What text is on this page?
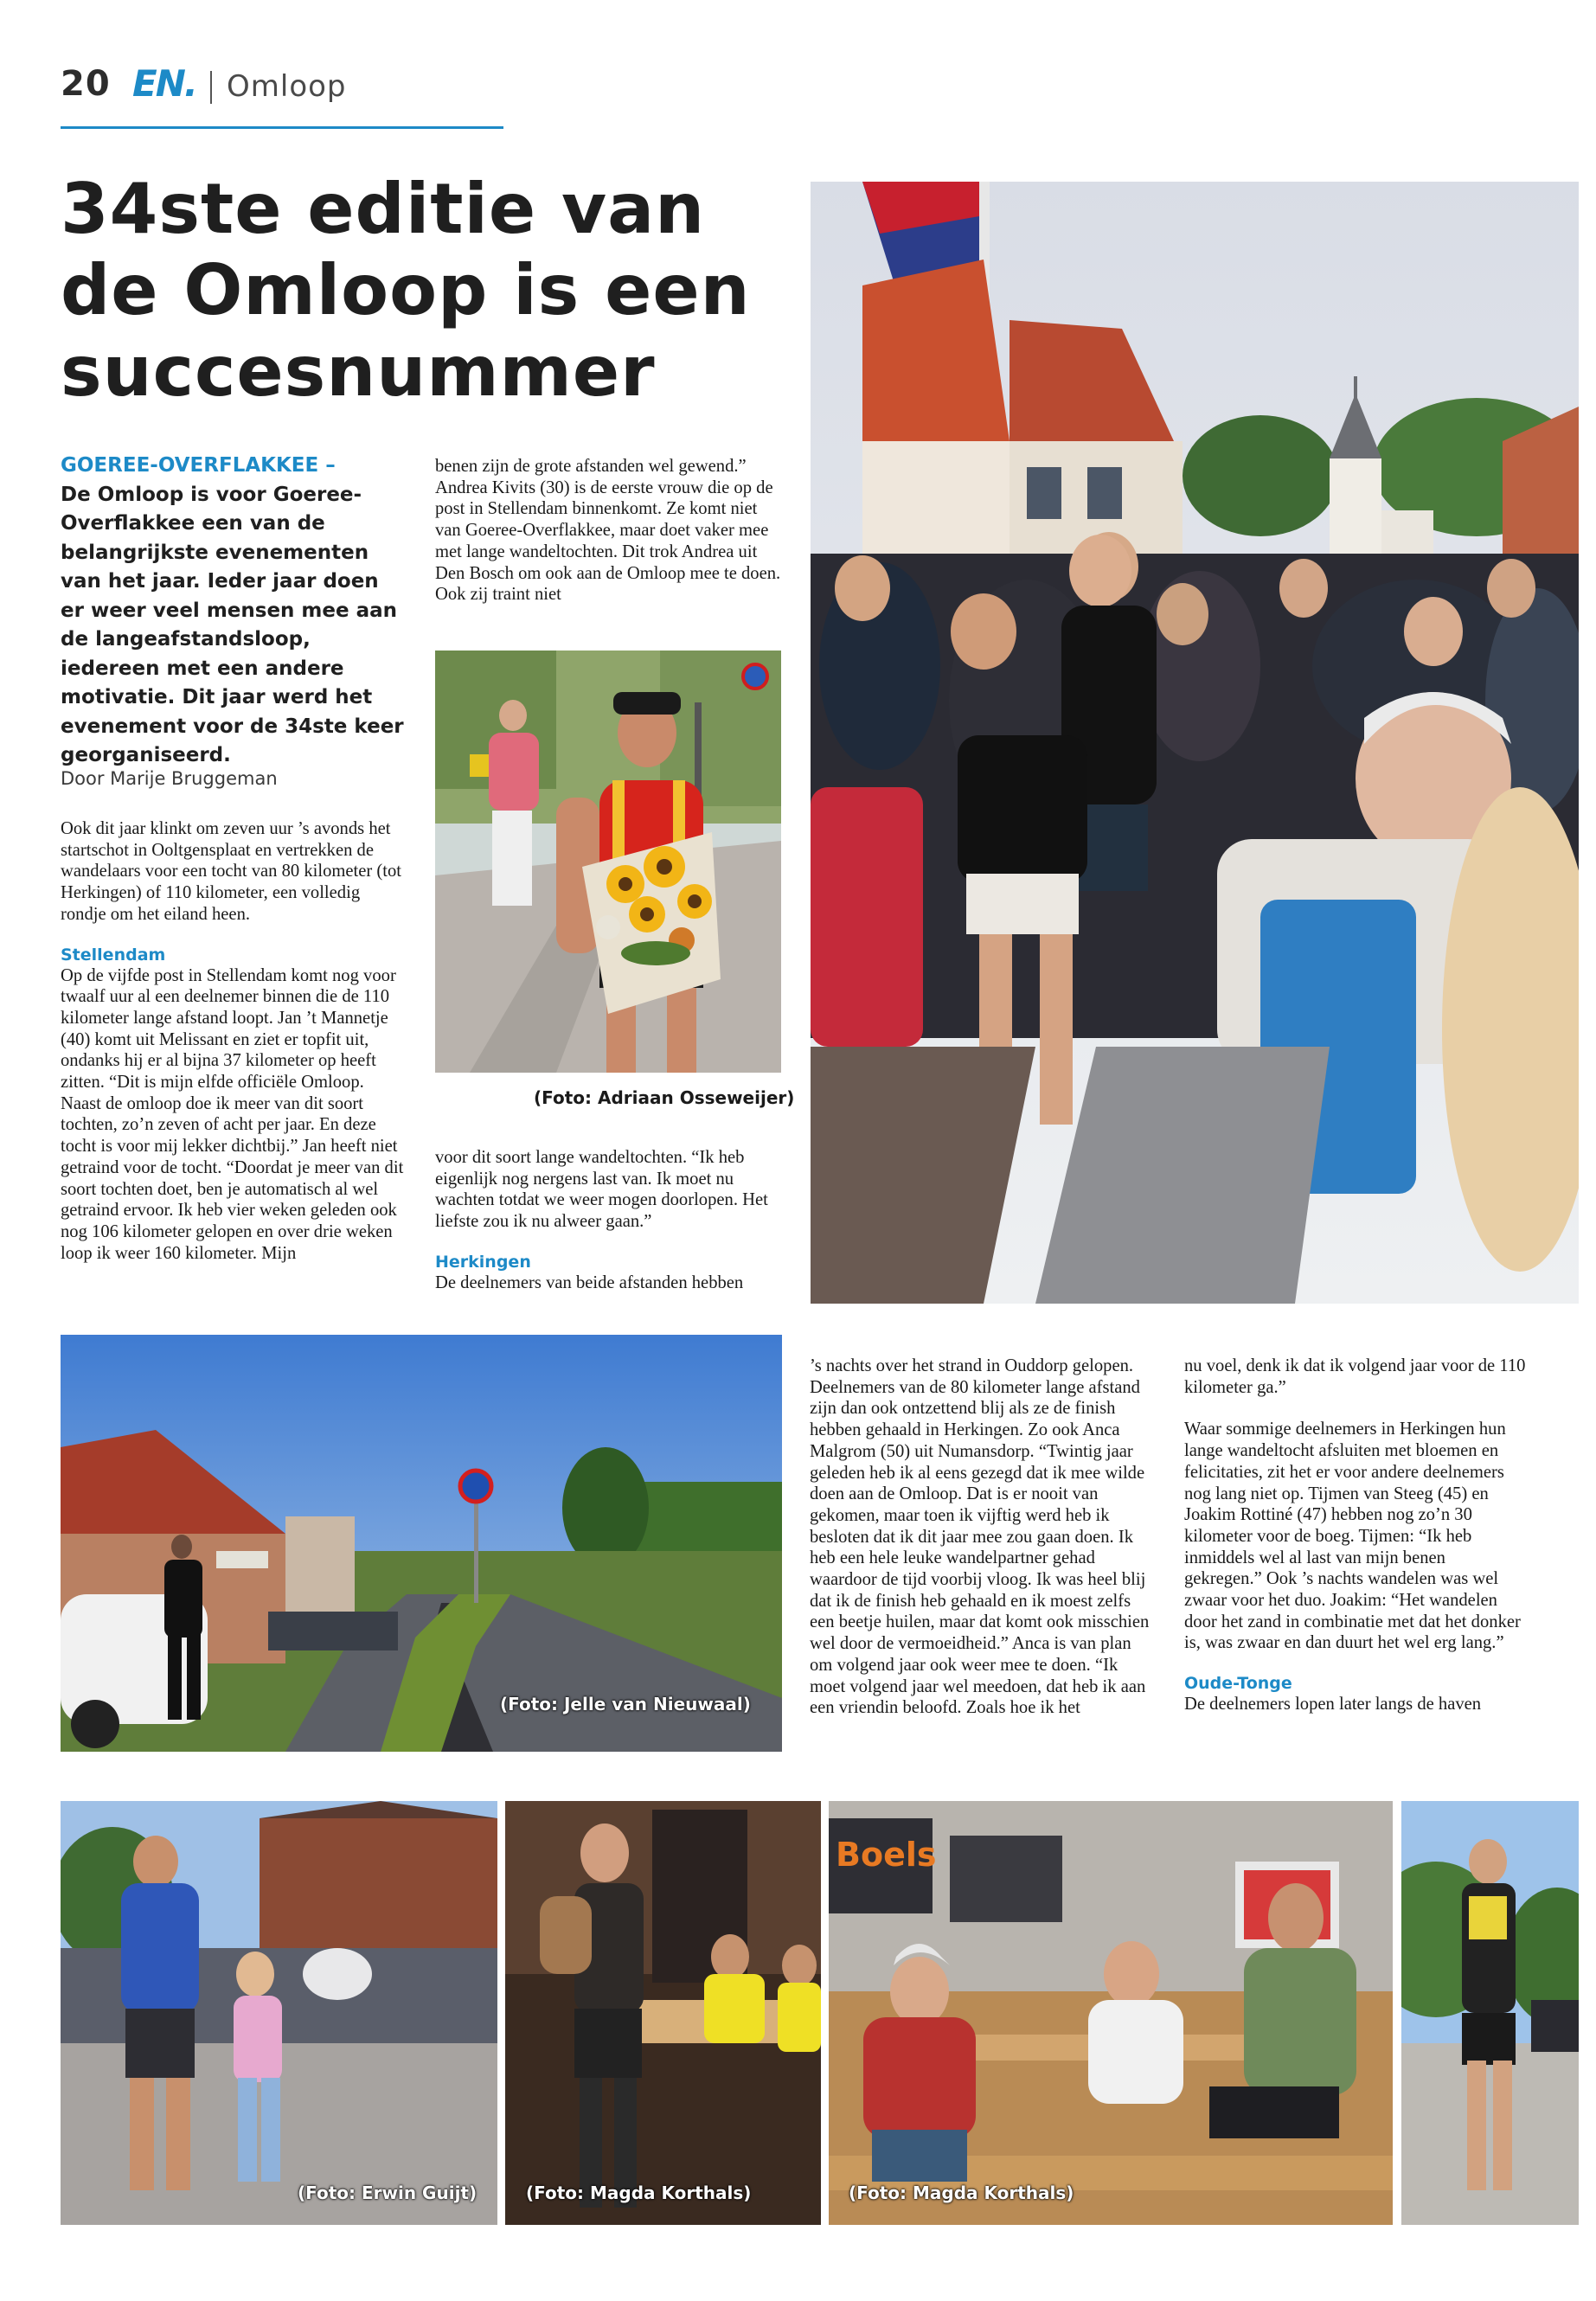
20 EN. Omloop
34ste editie van de Omloop is een succesnummer

GOEREE-OVERFLAKKEE –
De Omloop is voor Goeree-Overflakkee een van de belangrijkste evenementen van het jaar. Ieder jaar doen er weer veel mensen mee aan de langeafstandsloop, iedereen met een andere motivatie. Dit jaar werd het evenement voor de 34ste keer georganiseerd.

Door Marije Bruggeman

Ook dit jaar klinkt om zeven uur ’s avonds het startschot in Ooltgensplaat en vertrekken de wandelaars voor een tocht van 80 kilometer (tot Herkingen) of 110 kilometer, een volledig rondje om het eiland heen.

Stellendam

Op de vijfde post in Stellendam komt nog voor twaalf uur al een deelnemer binnen die de 110 kilometer lange afstand loopt. Jan ’t Mannetje (40) komt uit Melissant en ziet er topfit uit, ondanks hij er al bijna 37 kilometer op heeft zitten. “Dit is mijn elfde officiële Omloop. Naast de omloop doe ik meer van dit soort tochten, zo’n zeven of acht per jaar. En deze tocht is voor mij lekker dichtbij.” Jan heeft niet getraind voor de tocht. “Doordat je meer van dit soort tochten doet, ben je automatisch al wel getraind ervoor. Ik heb vier weken geleden ook nog 106 kilometer gelopen en over drie weken loop ik weer 160 kilometer. Mijn

benen zijn de grote afstanden wel gewend.” Andrea Kivits (30) is de eerste vrouw die op de post in Stellendam binnenkomt. Ze komt niet van Goeree-Overflakkee, maar doet vaker mee met lange wandeltochten. Dit trok Andrea uit Den Bosch om ook aan de Omloop mee te doen. Ook zij traint niet

(Foto: Adriaan Osseweijer)

voor dit soort lange wandeltochten. “Ik heb eigenlijk nog nergens last van. Ik moet nu wachten totdat we weer mogen doorlopen. Het liefste zou ik nu alweer gaan.”

Herkingen

De deelnemers van beide afstanden hebben

(Foto: Jelle van Nieuwaal)

’s nachts over het strand in Ouddorp gelopen. Deelnemers van de 80 kilometer lange afstand zijn dan ook ontzettend blij als ze de finish hebben gehaald in Herkingen. Zo ook Anca Malgrom (50) uit Numansdorp. “Twintig jaar geleden heb ik al eens gezegd dat ik mee wilde doen aan de Omloop. Dat is er nooit van gekomen, maar toen ik vijftig werd heb ik besloten dat ik dit jaar mee zou gaan doen. Ik heb een hele leuke wandelpartner gehad waardoor de tijd voorbij vloog. Ik was heel blij dat ik de finish heb gehaald en ik moest zelfs een beetje huilen, maar dat komt ook misschien wel door de vermoeidheid.” Anca is van plan om volgend jaar ook weer mee te doen. “Ik moet volgend jaar wel meedoen, dat heb ik aan een vriendin beloofd. Zoals hoe ik het

nu voel, denk ik dat ik volgend jaar voor de 110 kilometer ga.”

Waar sommige deelnemers in Herkingen hun lange wandeltocht afsluiten met bloemen en felicitaties, zit het er voor andere deelnemers nog lang niet op. Tijmen van Steeg (45) en Joakim Rottiné (47) hebben nog zo’n 30 kilometer voor de boeg. Tijmen: “Ik heb inmiddels wel al last van mijn benen gekregen.” Ook ’s nachts wandelen was wel zwaar voor het duo. Joakim: “Het wandelen door het zand in combinatie met dat het donker is, was zwaar en dan duurt het wel erg lang.”

Oude-Tonge

De deelnemers lopen later langs de haven

(Foto: Erwin Guijt)	(Foto: Magda Korthals)
Boels
(Foto: Magda Korthals)
